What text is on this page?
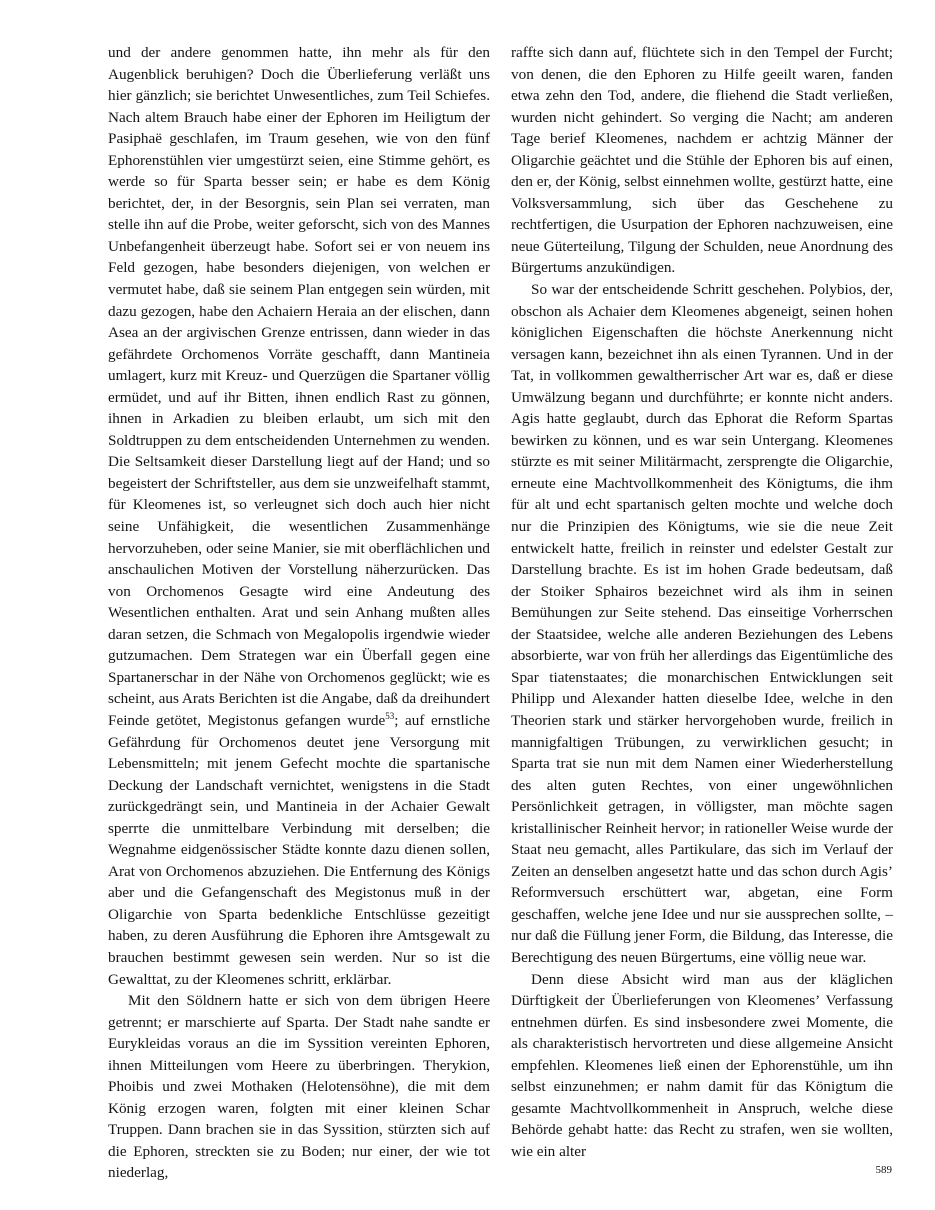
und der andere genommen hatte, ihn mehr als für den Augenblick beruhigen? Doch die Überlieferung verläßt uns hier gänzlich; sie berichtet Unwesentliches, zum Teil Schiefes. Nach altem Brauch habe einer der Ephoren im Heiligtum der Pasiphaë geschlafen, im Traum gesehen, wie von den fünf Ephorenstühlen vier umgestürzt seien, eine Stimme gehört, es werde so für Sparta besser sein; er habe es dem König berichtet, der, in der Besorgnis, sein Plan sei verraten, man stelle ihn auf die Probe, weiter geforscht, sich von des Mannes Unbefangenheit überzeugt habe. Sofort sei er von neuem ins Feld gezogen, habe besonders diejenigen, von welchen er vermutet habe, daß sie seinem Plan entgegen sein würden, mit dazu gezogen, habe den Achaiern Heraia an der elischen, dann Asea an der argivischen Grenze entrissen, dann wieder in das gefährdete Orchomenos Vorräte geschafft, dann Mantineia umlagert, kurz mit Kreuz- und Querzügen die Spartaner völlig ermüdet, und auf ihr Bitten, ihnen endlich Rast zu gönnen, ihnen in Arkadien zu bleiben erlaubt, um sich mit den Soldtruppen zu dem entscheidenden Unternehmen zu wenden. Die Seltsamkeit dieser Darstellung liegt auf der Hand; und so begeistert der Schriftsteller, aus dem sie unzweifelhaft stammt, für Kleomenes ist, so verleugnet sich doch auch hier nicht seine Unfähigkeit, die wesentlichen Zusammenhänge hervorzuheben, oder seine Manier, sie mit oberflächlichen und anschaulichen Motiven der Vorstellung näherzurücken. Das von Orchomenos Gesagte wird eine Andeutung des Wesentlichen enthalten. Arat und sein Anhang mußten alles daran setzen, die Schmach von Megalopolis irgendwie wieder gutzumachen. Dem Strategen war ein Überfall gegen eine Spartanerschar in der Nähe von Orchomenos geglückt; wie es scheint, aus Arats Berichten ist die Angabe, daß da dreihundert Feinde getötet, Megistonus gefangen wurde$^{53}$; auf ernstliche Gefährdung für Orchomenos deutet jene Versorgung mit Lebensmitteln; mit jenem Gefecht mochte die spartanische Deckung der Landschaft vernichtet, wenigstens in die Stadt zurückgedrängt sein, und Mantineia in der Achaier Gewalt sperrte die unmittelbare Verbindung mit derselben; die Wegnahme eidgenössischer Städte konnte dazu dienen sollen, Arat von Orchomenos abzuziehen. Die Entfernung des Königs aber und die Gefangenschaft des Megistonus muß in der Oligarchie von Sparta bedenkliche Entschlüsse gezeitigt haben, zu deren Ausführung die Ephoren ihre Amtsgewalt zu brauchen bestimmt gewesen sein werden. Nur so ist die Gewalttat, zu der Kleomenes schritt, erklärbar.

Mit den Söldnern hatte er sich von dem übrigen Heere getrennt; er marschierte auf Sparta. Der Stadt nahe sandte er Eurykleidas voraus an die im Syssition vereinten Ephoren, ihnen Mitteilungen vom Heere zu überbringen. Therykion, Phoibis und zwei Mothaken (Helotensöhne), die mit dem König erzogen waren, folgten mit einer kleinen Schar Truppen. Dann brachen sie in das Syssition, stürzten sich auf die Ephoren, streckten sie zu Boden; nur einer, der wie tot niederlag,

raffte sich dann auf, flüchtete sich in den Tempel der Furcht; von denen, die den Ephoren zu Hilfe geeilt waren, fanden etwa zehn den Tod, andere, die fliehend die Stadt verließen, wurden nicht gehindert. So verging die Nacht; am anderen Tage berief Kleomenes, nachdem er achtzig Männer der Oligarchie geächtet und die Stühle der Ephoren bis auf einen, den er, der König, selbst einnehmen wollte, gestürzt hatte, eine Volksversammlung, sich über das Geschehene zu rechtfertigen, die Usurpation der Ephoren nachzuweisen, eine neue Güterteilung, Tilgung der Schulden, neue Anordnung des Bürgertums anzukündigen.

So war der entscheidende Schritt geschehen. Polybios, der, obschon als Achaier dem Kleomenes abgeneigt, seinen hohen königlichen Eigenschaften die höchste Anerkennung nicht versagen kann, bezeichnet ihn als einen Tyrannen. Und in der Tat, in vollkommen gewaltherrischer Art war es, daß er diese Umwälzung begann und durchführte; er konnte nicht anders. Agis hatte geglaubt, durch das Ephorat die Reform Spartas bewirken zu können, und es war sein Untergang. Kleomenes stürzte es mit seiner Militärmacht, zersprengte die Oligarchie, erneute eine Machtvollkommenheit des Königtums, die ihm für alt und echt spartanisch gelten mochte und welche doch nur die Prinzipien des Königtums, wie sie die neue Zeit entwickelt hatte, freilich in reinster und edelster Gestalt zur Darstellung brachte. Es ist im hohen Grade bedeutsam, daß der Stoiker Sphairos bezeichnet wird als ihm in seinen Bemühungen zur Seite stehend. Das einseitige Vorherrschen der Staatsidee, welche alle anderen Beziehungen des Lebens absorbierte, war von früh her allerdings das Eigentümliche des Spar tiatenstaates; die monarchischen Entwicklungen seit Philipp und Alexander hatten dieselbe Idee, welche in den Theorien stark und stärker hervorgehoben wurde, freilich in mannigfaltigen Trübungen, zu verwirklichen gesucht; in Sparta trat sie nun mit dem Namen einer Wiederherstellung des alten guten Rechtes, von einer ungewöhnlichen Persönlichkeit getragen, in völligster, man möchte sagen kristallinischer Reinheit hervor; in rationeller Weise wurde der Staat neu gemacht, alles Partikulare, das sich im Verlauf der Zeiten an denselben angesetzt hatte und das schon durch Agis’ Reformversuch erschüttert war, abgetan, eine Form geschaffen, welche jene Idee und nur sie aussprechen sollte, – nur daß die Füllung jener Form, die Bildung, das Interesse, die Berechtigung des neuen Bürgertums, eine völlig neue war.

Denn diese Absicht wird man aus der kläglichen Dürftigkeit der Überlieferungen von Kleomenes’ Verfassung entnehmen dürfen. Es sind insbesondere zwei Momente, die als charakteristisch hervortreten und diese allgemeine Ansicht empfehlen. Kleomenes ließ einen der Ephorenstühle, um ihn selbst einzunehmen; er nahm damit für das Königtum die gesamte Machtvollkommenheit in Anspruch, welche diese Behörde gehabt hatte: das Recht zu strafen, wen sie wollten, wie ein alter

589
